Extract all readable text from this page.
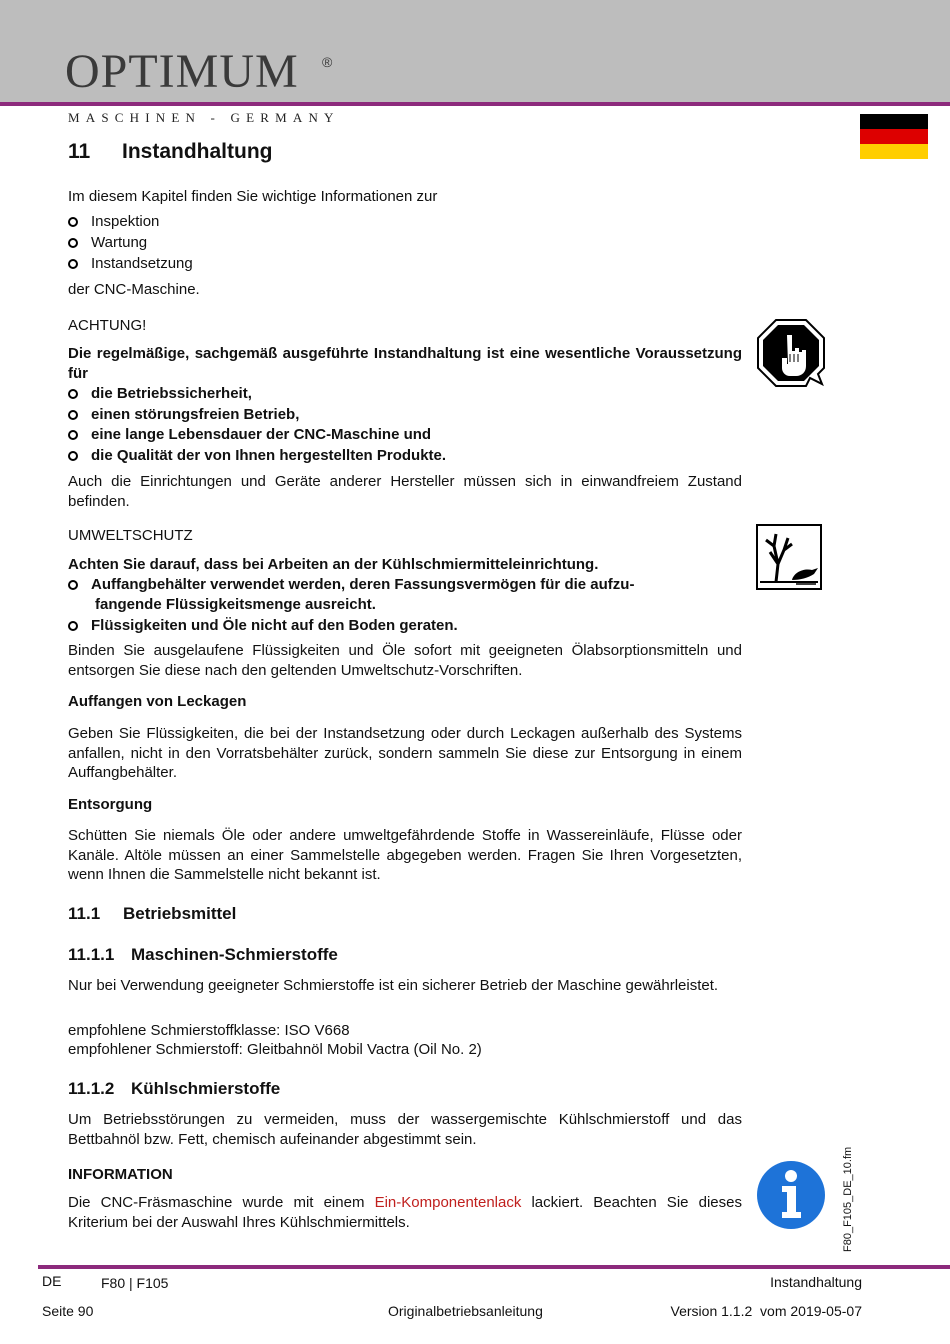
OPTIMUM ®
MASCHINEN - GERMANY
11 Instandhaltung
Im diesem Kapitel finden Sie wichtige Informationen zur
Inspektion
Wartung
Instandsetzung
der CNC-Maschine.
ACHTUNG!
Die regelmäßige, sachgemäß ausgeführte Instandhaltung ist eine wesentliche Voraussetzung für
die Betriebssicherheit,
einen störungsfreien Betrieb,
eine lange Lebensdauer der CNC-Maschine und
die Qualität der von Ihnen hergestellten Produkte.
Auch die Einrichtungen und Geräte anderer Hersteller müssen sich in einwandfreiem Zustand befinden.
UMWELTSCHUTZ
Achten Sie darauf, dass bei Arbeiten an der Kühlschmiermitteleinrichtung.
Auffangbehälter verwendet werden, deren Fassungsvermögen für die aufzu-
fangende Flüssigkeitsmenge ausreicht.
Flüssigkeiten und Öle nicht auf den Boden geraten.
Binden Sie ausgelaufene Flüssigkeiten und Öle sofort mit geeigneten Ölabsorptionsmitteln und entsorgen Sie diese nach den geltenden Umweltschutz-Vorschriften.
Auffangen von Leckagen
Geben Sie Flüssigkeiten, die bei der Instandsetzung oder durch Leckagen außerhalb des Systems anfallen, nicht in den Vorratsbehälter zurück, sondern sammeln Sie diese zur Entsorgung in einem Auffangbehälter.
Entsorgung
Schütten Sie niemals Öle oder andere umweltgefährdende Stoffe in Wassereinläufe, Flüsse oder Kanäle. Altöle müssen an einer Sammelstelle abgegeben werden. Fragen Sie Ihren Vorgesetzten, wenn Ihnen die Sammelstelle nicht bekannt ist.
11.1 Betriebsmittel
11.1.1 Maschinen-Schmierstoffe
Nur bei Verwendung geeigneter Schmierstoffe ist ein sicherer Betrieb der Maschine gewährleistet.
empfohlene Schmierstoffklasse: ISO V668
empfohlener Schmierstoff: Gleitbahnöl Mobil Vactra (Oil No. 2)
11.1.2 Kühlschmierstoffe
Um Betriebsstörungen zu vermeiden, muss der wassergemischte Kühlschmierstoff und das Bettbahnöl bzw. Fett, chemisch aufeinander abgestimmt sein.
INFORMATION
Die CNC-Fräsmaschine wurde mit einem Ein-Komponentenlack lackiert. Beachten Sie dieses Kriterium bei der Auswahl Ihres Kühlschmiermittels.	F80_F105_DE_10.fm
DE	F80 | F105	Instandhaltung
Seite 90	Originalbetriebsanleitung	Version 1.1.2  vom 2019-05-07
